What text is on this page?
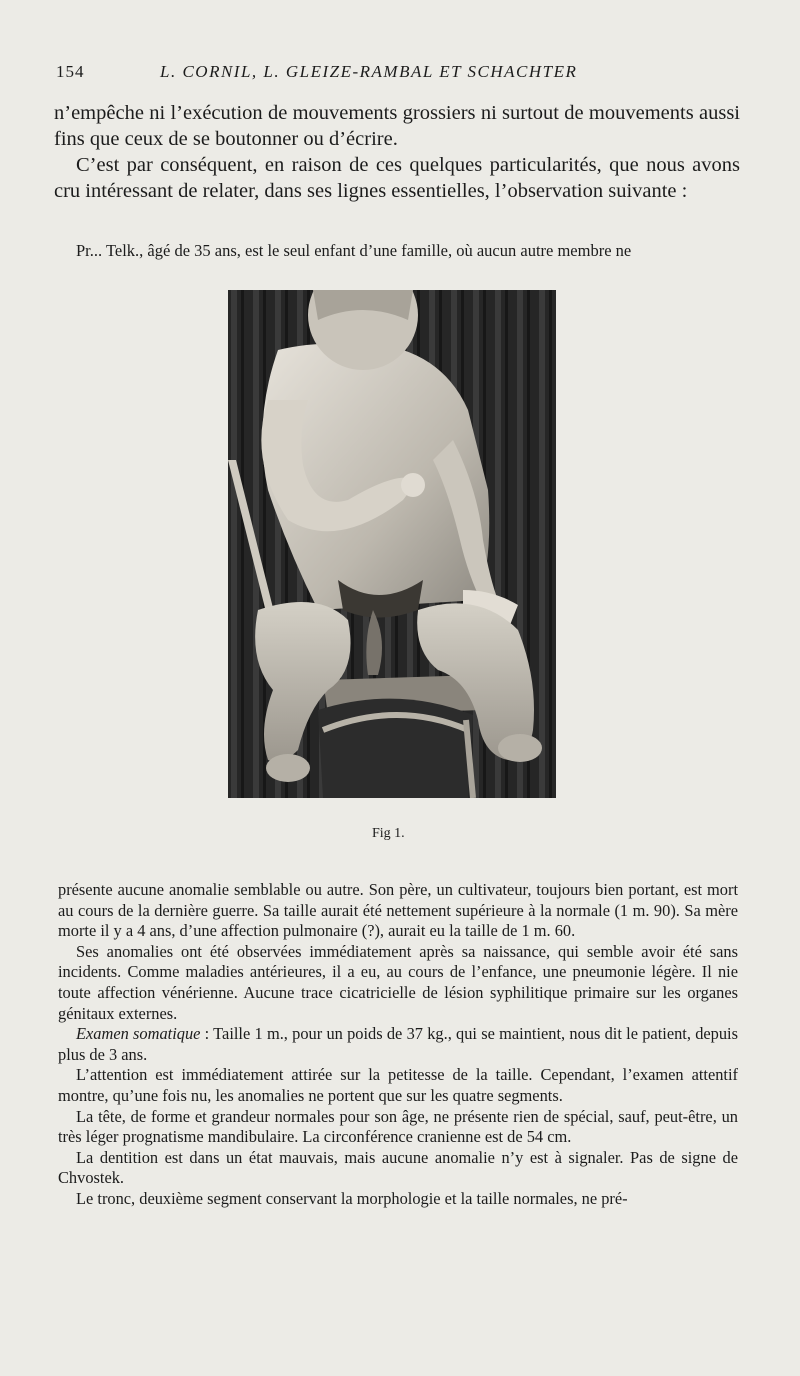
154	L. CORNIL, L. GLEIZE-RAMBAL ET SCHACHTER

n’empêche ni l’exécution de mouvements grossiers ni surtout de mouvements aussi fins que ceux de se boutonner ou d’écrire.

C’est par conséquent, en raison de ces quelques particularités, que nous avons cru intéressant de relater, dans ses lignes essentielles, l’observation suivante :

Pr... Telk., âgé de 35 ans, est le seul enfant d’une famille, où aucun autre membre ne
Fig 1.

présente aucune anomalie semblable ou autre. Son père, un cultivateur, toujours bien portant, est mort au cours de la dernière guerre. Sa taille aurait été nettement supérieure à la normale (1 m. 90). Sa mère morte il y a 4 ans, d’une affection pulmonaire (?), aurait eu la taille de 1 m. 60.

Ses anomalies ont été observées immédiatement après sa naissance, qui semble avoir été sans incidents. Comme maladies antérieures, il a eu, au cours de l’enfance, une pneumonie légère. Il nie toute affection vénérienne. Aucune trace cicatricielle de lésion syphilitique primaire sur les organes génitaux externes.

Examen somatique : Taille 1 m., pour un poids de 37 kg., qui se maintient, nous dit le patient, depuis plus de 3 ans.

L’attention est immédiatement attirée sur la petitesse de la taille. Cependant, l’examen attentif montre, qu’une fois nu, les anomalies ne portent que sur les quatre segments.

La tête, de forme et grandeur normales pour son âge, ne présente rien de spécial, sauf, peut-être, un très léger prognatisme mandibulaire. La circonférence cranienne est de 54 cm.

La dentition est dans un état mauvais, mais aucune anomalie n’y est à signaler. Pas de signe de Chvostek.

Le tronc, deuxième segment conservant la morphologie et la taille normales, ne pré-
